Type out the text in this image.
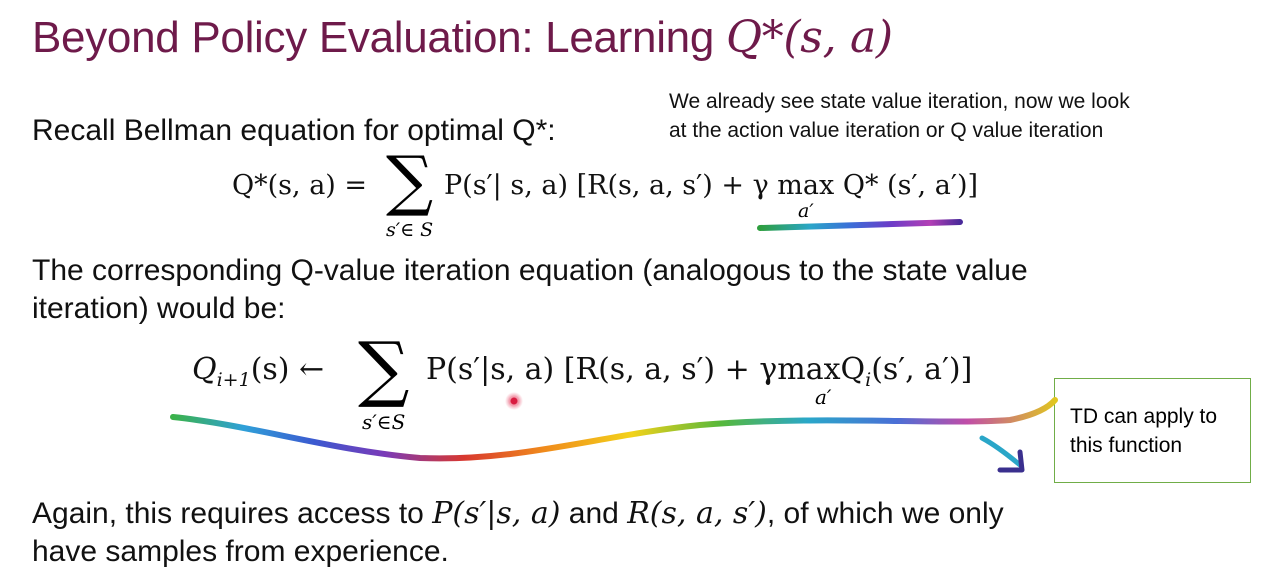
Beyond Policy Evaluation: Learning Q*(s, a)
We already see state value iteration, now we look
at the action value iteration or Q value iteration
Recall Bellman equation for optimal Q*:
Q*(s, a) = ∑
s′∈ S
P(s′| s, a) [R(s, a, s′) + γ max Q* (s′, a′)]
a′
The corresponding Q-value iteration equation (analogous to the state value
iteration) would be:
$Q_{i+1}(s)$ ← ∑
s′∈S
P(s′|s, a) [R(s, a, s′) + γmaxQ$_i$(s′, a′)]
a′
TD can apply to this function
Again, this requires access to P(s′|s, a) and R(s, a, s′), of which we only
have samples from experience.
